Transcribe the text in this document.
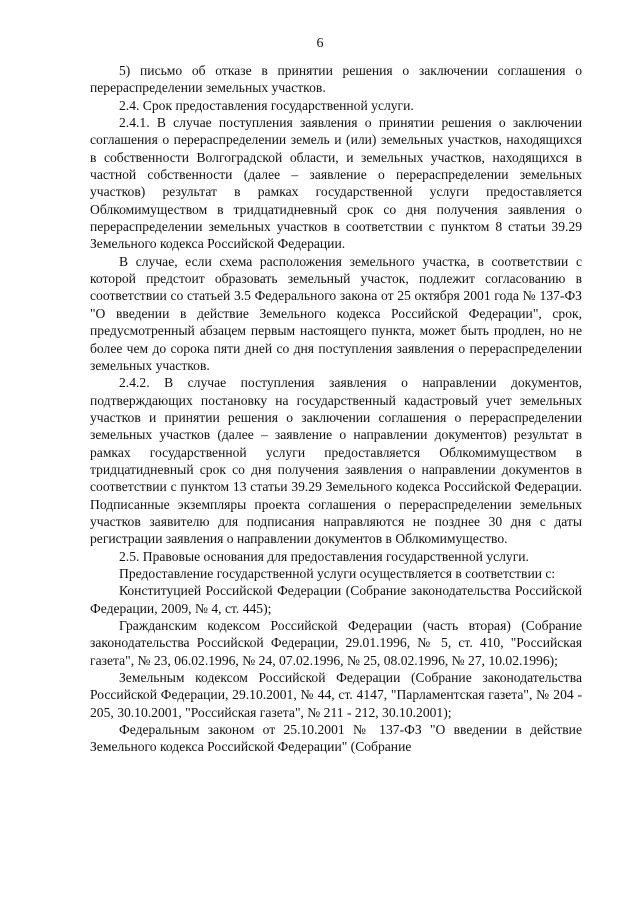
6

5) письмо об отказе в принятии решения о заключении соглашения о перераспределении земельных участков.

2.4. Срок предоставления государственной услуги.

2.4.1. В случае поступления заявления о принятии решения о заключении соглашения о перераспределении земель и (или) земельных участков, находящихся в собственности Волгоградской области, и земельных участков, находящихся в частной собственности (далее – заявление о перераспределении земельных участков) результат в рамках государственной услуги предоставляется Облкомимуществом в тридцатидневный срок со дня получения заявления о перераспределении земельных участков в соответствии с пунктом 8 статьи 39.29 Земельного кодекса Российской Федерации.

В случае, если схема расположения земельного участка, в соответствии с которой предстоит образовать земельный участок, подлежит согласованию в соответствии со статьей 3.5 Федерального закона от 25 октября 2001 года № 137-ФЗ "О введении в действие Земельного кодекса Российской Федерации", срок, предусмотренный абзацем первым настоящего пункта, может быть продлен, но не более чем до сорока пяти дней со дня поступления заявления о перераспределении земельных участков.

2.4.2. В случае поступления заявления о направлении документов, подтверждающих постановку на государственный кадастровый учет земельных участков и принятии решения о заключении соглашения о перераспределении земельных участков (далее – заявление о направлении документов) результат в рамках государственной услуги предоставляется Облкомимуществом в тридцатидневный срок со дня получения заявления о направлении документов в соответствии с пунктом 13 статьи 39.29 Земельного кодекса Российской Федерации. Подписанные экземпляры проекта соглашения о перераспределении земельных участков заявителю для подписания направляются не позднее 30 дня с даты регистрации заявления о направлении документов в Облкомимущество.

2.5. Правовые основания для предоставления государственной услуги.

Предоставление государственной услуги осуществляется в соответствии с:

Конституцией Российской Федерации (Собрание законодательства Российской Федерации, 2009, № 4, ст. 445);

Гражданским кодексом Российской Федерации (часть вторая) (Собрание законодательства Российской Федерации, 29.01.1996, № 5, ст. 410, "Российская газета", № 23, 06.02.1996, № 24, 07.02.1996, № 25, 08.02.1996, № 27, 10.02.1996);

Земельным кодексом Российской Федерации (Собрание законодательства Российской Федерации, 29.10.2001, № 44, ст. 4147, "Парламентская газета", № 204 - 205, 30.10.2001, "Российская газета", № 211 - 212, 30.10.2001);

Федеральным законом от 25.10.2001 № 137-ФЗ "О введении в действие Земельного кодекса Российской Федерации" (Собрание
